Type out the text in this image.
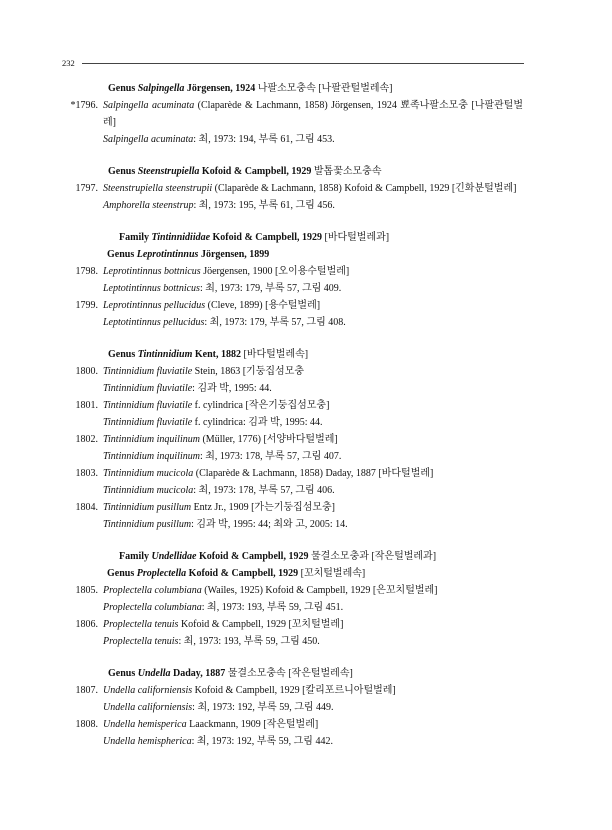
232
Genus Salpingella Jörgensen, 1924 나팔소모충속 [나팔관털벌레속]
*1796. Salpingella acuminata (Claparède & Lachmann, 1858) Jörgensen, 1924 뾰족나팔소모충 [나팔관털벌레]
Salpingella acuminata: 최, 1973: 194, 부록 61, 그림 453.
Genus Steenstrupiella Kofoid & Campbell, 1929 발톱꽃소모충속
1797. Steenstrupiella steenstrupii (Claparède & Lachmann, 1858) Kofoid & Campbell, 1929 [긴화분털벌레]
Amphorella steenstrup: 최, 1973: 195, 부록 61, 그림 456.
Family Tintinnidiidae Kofoid & Campbell, 1929 [바다털벌레과]
Genus Leprotintinnus Jörgensen, 1899
1798. Leprotintinnus bottnicus Jöergensen, 1900 [오이용수털벌레]
Leptotintinnus bottnicus: 최, 1973: 179, 부록 57, 그림 409.
1799. Leprotintinnus pellucidus (Cleve, 1899) [용수털벌레]
Leptotintinnus pellucidus: 최, 1973: 179, 부록 57, 그림 408.
Genus Tintinnidium Kent, 1882 [바다털벌레속]
1800. Tintinnidium fluviatile Stein, 1863 [기둥집섬모충
Tintinnidium fluviatile: 김과 박, 1995: 44.
1801. Tintinnidium fluviatile f. cylindrica [작은기둥집섬모충]
Tintinnidium fluviatile f. cylindrica: 김과 박, 1995: 44.
1802. Tintinnidium inquilinum (Müller, 1776) [서양바다털벌레]
Tintinnidium inquilinum: 최, 1973: 178, 부록 57, 그림 407.
1803. Tintinnidium mucicola (Claparède & Lachmann, 1858) Daday, 1887 [바다털벌레]
Tintinnidium mucicola: 최, 1973: 178, 부록 57, 그림 406.
1804. Tintinnidium pusillum Entz Jr., 1909 [가는기둥집섬모충]
Tintinnidium pusillum: 김과 박, 1995: 44; 최와 고, 2005: 14.
Family Undellidae Kofoid & Campbell, 1929 물결소모충과 [작은털벌레과]
Genus Proplectella Kofoid & Campbell, 1929 [꼬치털벌레속]
1805. Proplectella columbiana (Wailes, 1925) Kofoid & Campbell, 1929 [은꼬치털벌레]
Proplectella columbiana: 최, 1973: 193, 부록 59, 그림 451.
1806. Proplectella tenuis Kofoid & Campbell, 1929 [꼬치털벌레]
Proplectella tenuis: 최, 1973: 193, 부록 59, 그림 450.
Genus Undella Daday, 1887 물결소모충속 [작은털벌레속]
1807. Undella californiensis Kofoid & Campbell, 1929 [칼리포르니아털벌레]
Undella californiensis: 최, 1973: 192, 부록 59, 그림 449.
1808. Undella hemisperica Laackmann, 1909 [작은털벌레]
Undella hemispherica: 최, 1973: 192, 부록 59, 그림 442.
